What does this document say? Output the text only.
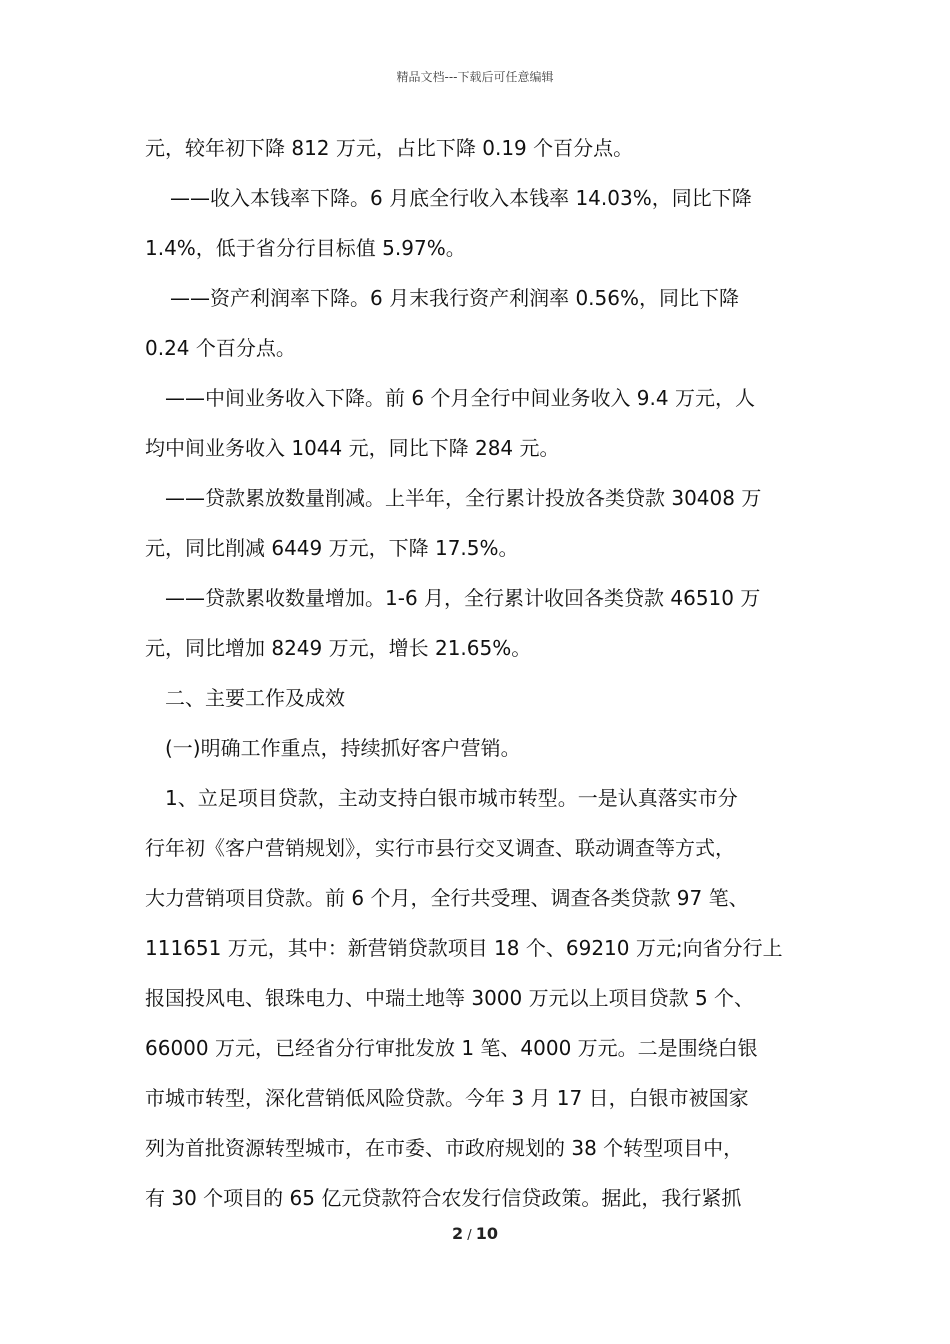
精品文档---下载后可任意编辑
元，较年初下降 812 万元，占比下降 0.19 个百分点。
——收入本钱率下降。6 月底全行收入本钱率 14.03%，同比下降
1.4%，低于省分行目标值 5.97%。
——资产利润率下降。6 月末我行资产利润率 0.56%，同比下降
0.24 个百分点。
——中间业务收入下降。前 6 个月全行中间业务收入 9.4 万元，人
均中间业务收入 1044 元，同比下降 284 元。
——贷款累放数量削减。上半年，全行累计投放各类贷款 30408 万
元，同比削减 6449 万元，下降 17.5%。
——贷款累收数量增加。1-6 月，全行累计收回各类贷款 46510 万
元，同比增加 8249 万元，增长 21.65%。
二、主要工作及成效
(一)明确工作重点，持续抓好客户营销。
1、立足项目贷款，主动支持白银市城市转型。一是认真落实市分
行年初《客户营销规划》，实行市县行交叉调查、联动调查等方式，
大力营销项目贷款。前 6 个月，全行共受理、调查各类贷款 97 笔、
111651 万元，其中：新营销贷款项目 18 个、69210 万元;向省分行上
报国投风电、银珠电力、中瑞土地等 3000 万元以上项目贷款 5 个、
66000 万元，已经省分行审批发放 1 笔、4000 万元。二是围绕白银
市城市转型，深化营销低风险贷款。今年 3 月 17 日，白银市被国家
列为首批资源转型城市，在市委、市政府规划的 38 个转型项目中，
有 30 个项目的 65 亿元贷款符合农发行信贷政策。据此，我行紧抓
2 / 10
